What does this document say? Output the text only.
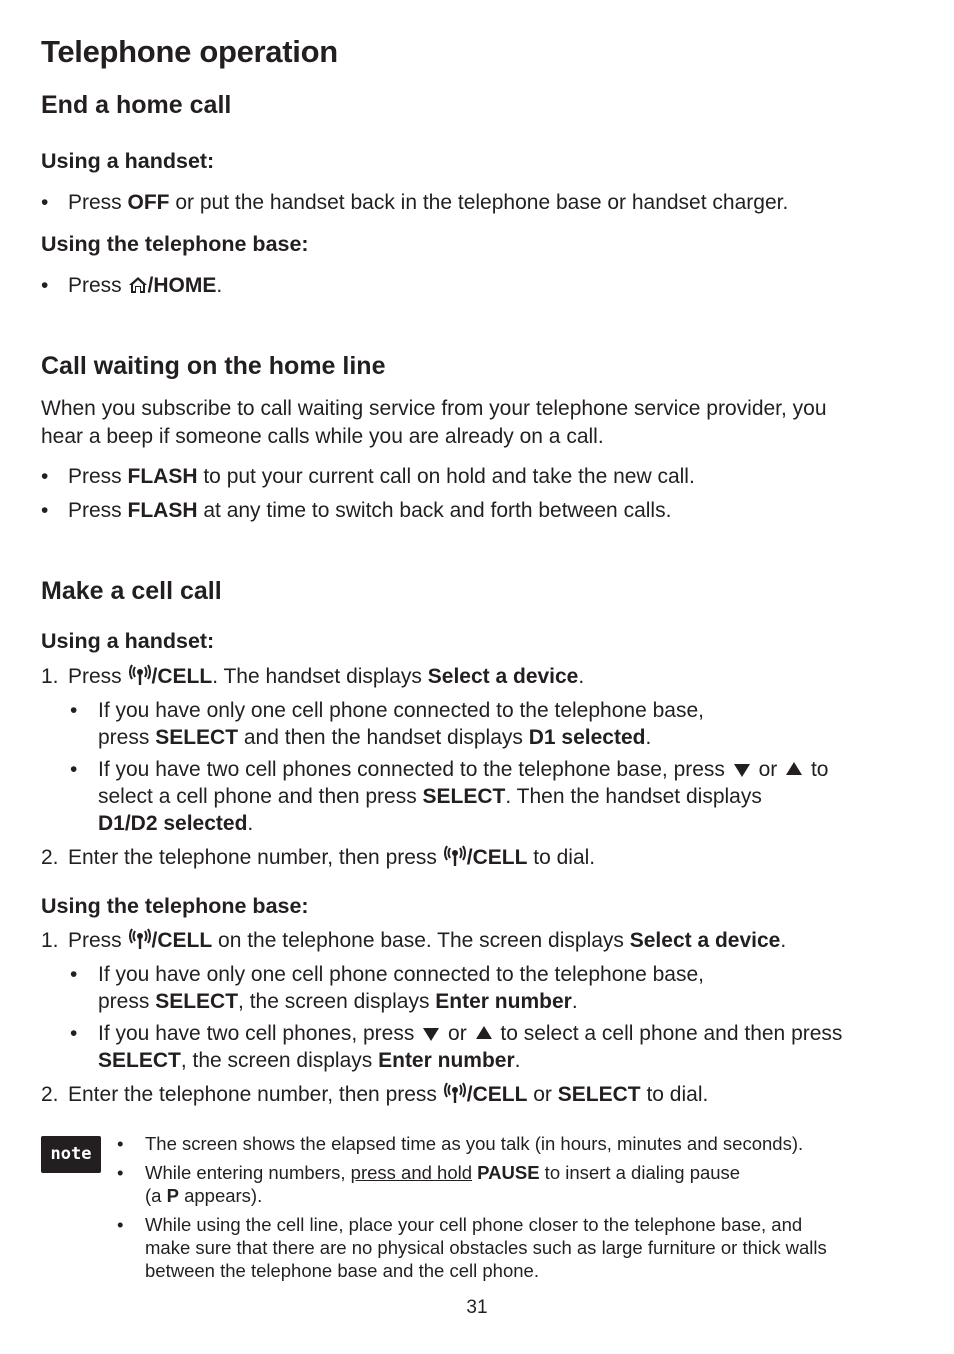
Telephone operation
End a home call
Using a handset:
• Press OFF or put the handset back in the telephone base or handset charger.
Using the telephone base:
• Press /HOME.
Call waiting on the home line
When you subscribe to call waiting service from your telephone service provider, you
hear a beep if someone calls while you are already on a call.
• Press FLASH to put your current call on hold and take the new call.
• Press FLASH at any time to switch back and forth between calls.
Make a cell call
Using a handset:
1. Press /CELL. The handset displays Select a device.
• If you have only one cell phone connected to the telephone base,
press SELECT and then the handset displays D1 selected.
• If you have two cell phones connected to the telephone base, press  or  to
select a cell phone and then press SELECT. Then the handset displays
D1/D2 selected.
2. Enter the telephone number, then press /CELL to dial.
Using the telephone base:
1. Press /CELL on the telephone base. The screen displays Select a device.
• If you have only one cell phone connected to the telephone base,
press SELECT, the screen displays Enter number.
• If you have two cell phones, press  or  to select a cell phone and then press
SELECT, the screen displays Enter number.
2. Enter the telephone number, then press /CELL or SELECT to dial.
note	• The screen shows the elapsed time as you talk (in hours, minutes and seconds).
• While entering numbers, press and hold PAUSE to insert a dialing pause
(a P appears).
• While using the cell line, place your cell phone closer to the telephone base, and
make sure that there are no physical obstacles such as large furniture or thick walls
between the telephone base and the cell phone.
31
